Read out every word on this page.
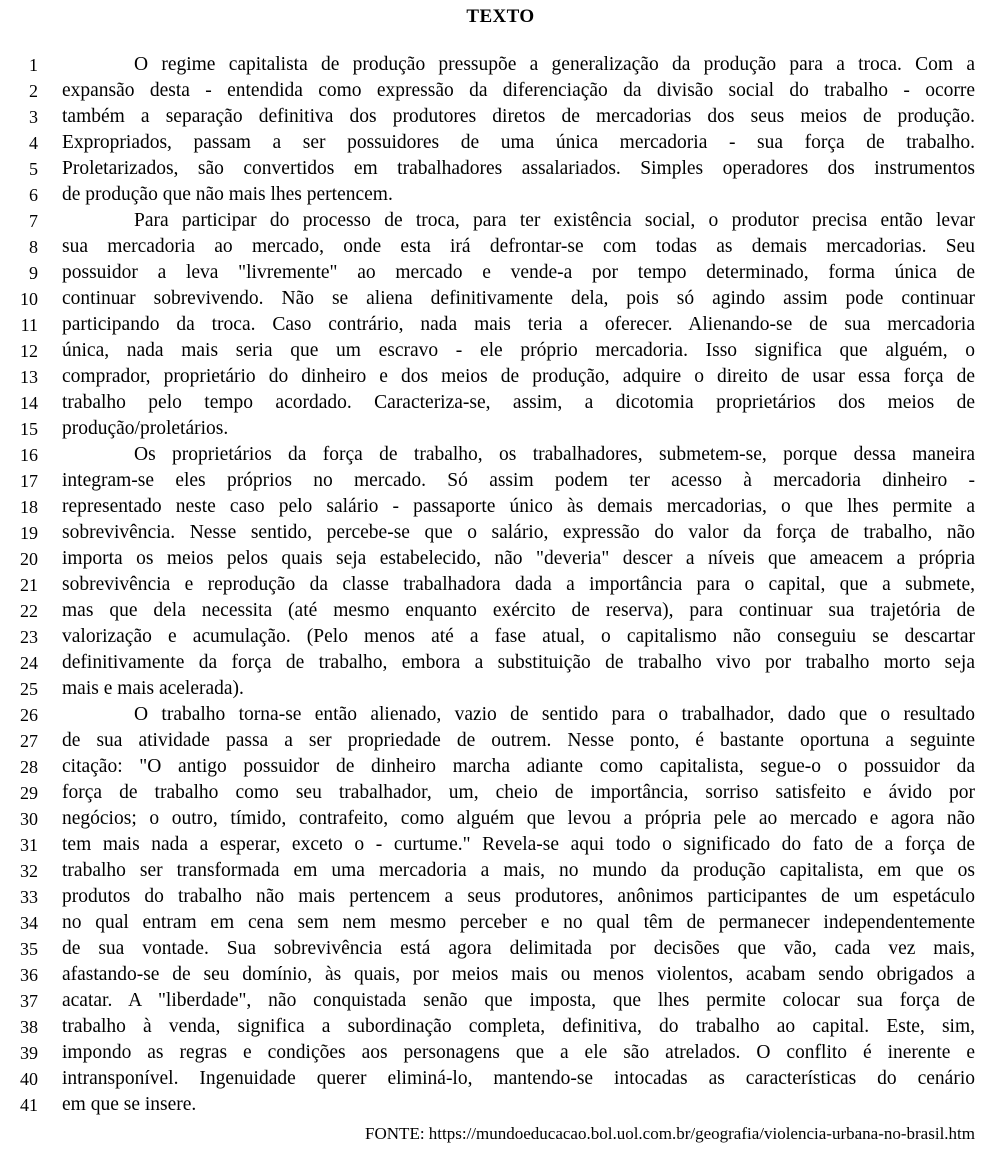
TEXTO
1	O regime capitalista de produção pressupõe a generalização da produção para a troca. Com a
2 expansão desta - entendida como expressão da diferenciação da divisão social do trabalho - ocorre
3 também a separação definitiva dos produtores diretos de mercadorias dos seus meios de produção.
4 Expropriados, passam a ser possuidores de uma única mercadoria - sua força de trabalho.
5 Proletarizados, são convertidos em trabalhadores assalariados. Simples operadores dos instrumentos
6 de produção que não mais lhes pertencem.
7	Para participar do processo de troca, para ter existência social, o produtor precisa então levar
8 sua mercadoria ao mercado, onde esta irá defrontar-se com todas as demais mercadorias. Seu
9 possuidor a leva "livremente" ao mercado e vende-a por tempo determinado, forma única de
10 continuar sobrevivendo. Não se aliena definitivamente dela, pois só agindo assim pode continuar
11 participando da troca. Caso contrário, nada mais teria a oferecer. Alienando-se de sua mercadoria
12 única, nada mais seria que um escravo - ele próprio mercadoria. Isso significa que alguém, o
13 comprador, proprietário do dinheiro e dos meios de produção, adquire o direito de usar essa força de
14 trabalho pelo tempo acordado. Caracteriza-se, assim, a dicotomia proprietários dos meios de
15 produção/proletários.
16	Os proprietários da força de trabalho, os trabalhadores, submetem-se, porque dessa maneira
17 integram-se eles próprios no mercado. Só assim podem ter acesso à mercadoria dinheiro -
18 representado neste caso pelo salário - passaporte único às demais mercadorias, o que lhes permite a
19 sobrevivência. Nesse sentido, percebe-se que o salário, expressão do valor da força de trabalho, não
20 importa os meios pelos quais seja estabelecido, não "deveria" descer a níveis que ameacem a própria
21 sobrevivência e reprodução da classe trabalhadora dada a importância para o capital, que a submete,
22 mas que dela necessita (até mesmo enquanto exército de reserva), para continuar sua trajetória de
23 valorização e acumulação. (Pelo menos até a fase atual, o capitalismo não conseguiu se descartar
24 definitivamente da força de trabalho, embora a substituição de trabalho vivo por trabalho morto seja
25 mais e mais acelerada).
26	O trabalho torna-se então alienado, vazio de sentido para o trabalhador, dado que o resultado
27 de sua atividade passa a ser propriedade de outrem. Nesse ponto, é bastante oportuna a seguinte
28 citação: "O antigo possuidor de dinheiro marcha adiante como capitalista, segue-o o possuidor da
29 força de trabalho como seu trabalhador, um, cheio de importância, sorriso satisfeito e ávido por
30 negócios; o outro, tímido, contrafeito, como alguém que levou a própria pele ao mercado e agora não
31 tem mais nada a esperar, exceto o - curtume." Revela-se aqui todo o significado do fato de a força de
32 trabalho ser transformada em uma mercadoria a mais, no mundo da produção capitalista, em que os
33 produtos do trabalho não mais pertencem a seus produtores, anônimos participantes de um espetáculo
34 no qual entram em cena sem nem mesmo perceber e no qual têm de permanecer independentemente
35 de sua vontade. Sua sobrevivência está agora delimitada por decisões que vão, cada vez mais,
36 afastando-se de seu domínio, às quais, por meios mais ou menos violentos, acabam sendo obrigados a
37 acatar. A "liberdade", não conquistada senão que imposta, que lhes permite colocar sua força de
38 trabalho à venda, significa a subordinação completa, definitiva, do trabalho ao capital. Este, sim,
39 impondo as regras e condições aos personagens que a ele são atrelados. O conflito é inerente e
40 intransponível. Ingenuidade querer eliminá-lo, mantendo-se intocadas as características do cenário
41 em que se insere.
FONTE: https://mundoeducacao.bol.uol.com.br/geografia/violencia-urbana-no-brasil.htm
